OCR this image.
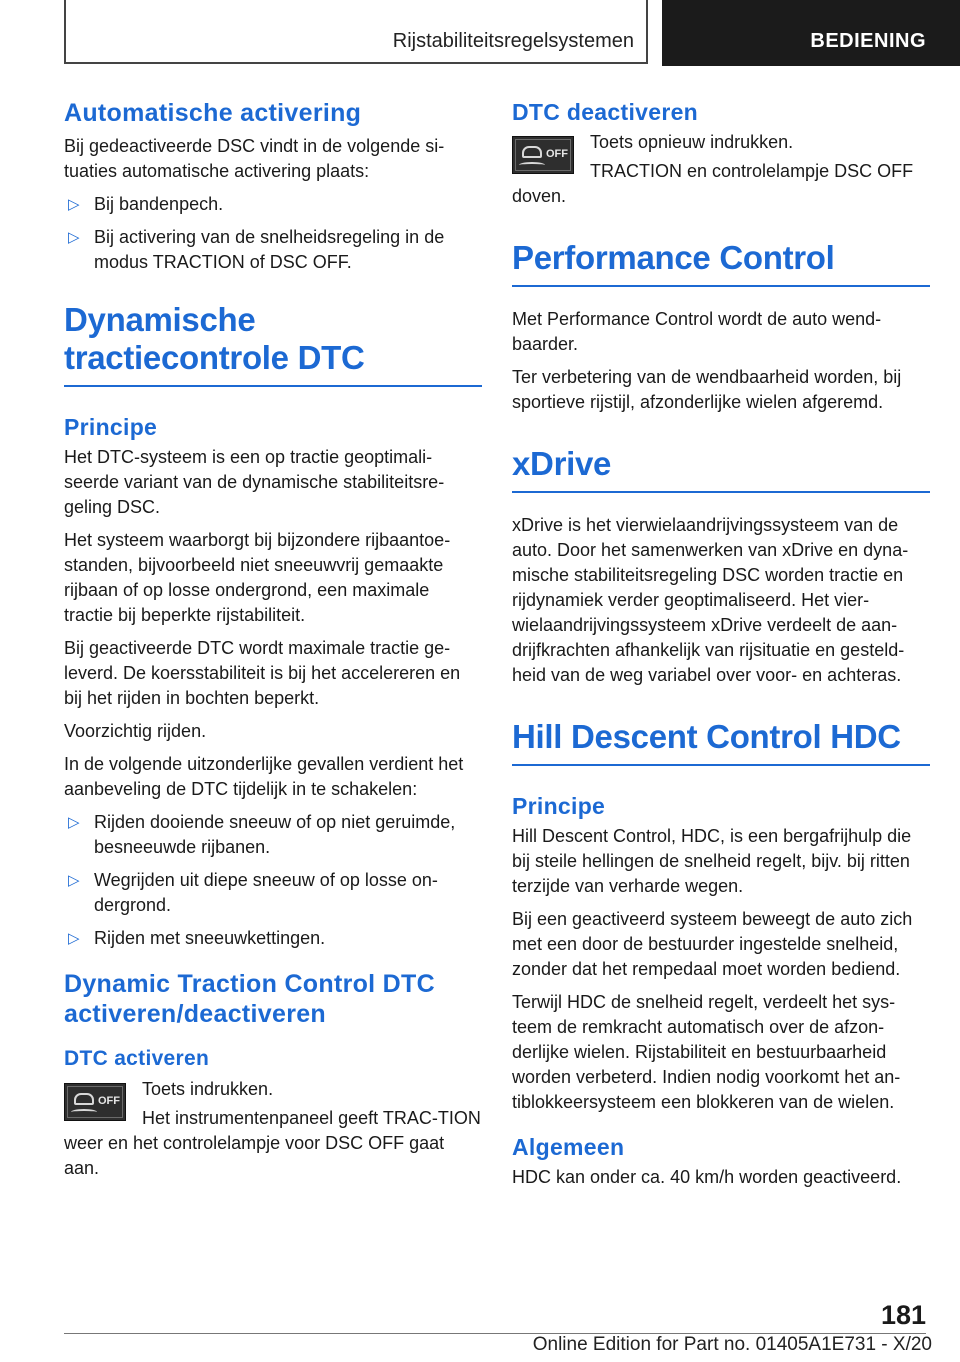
Rijstabiliteitsregelsystemen	BEDIENING
Automatische activering

Bij gedeactiveerde DSC vindt in de volgende si-tuaties automatische activering plaats:

▷ Bij bandenpech.
▷ Bij activering van de snelheidsregeling in de modus TRACTION of DSC OFF.
Dynamische tractiecontrole DTC
Principe

Het DTC-systeem is een op tractie geoptimali-seerde variant van de dynamische stabiliteitsre-geling DSC.

Het systeem waarborgt bij bijzondere rijbaantoe-standen, bijvoorbeeld niet sneeuwvrij gemaakte rijbaan of op losse ondergrond, een maximale tractie bij beperkte rijstabiliteit.

Bij geactiveerde DTC wordt maximale tractie ge-leverd. De koersstabiliteit is bij het accelereren en bij het rijden in bochten beperkt.

Voorzichtig rijden.

In de volgende uitzonderlijke gevallen verdient het aanbeveling de DTC tijdelijk in te schakelen:

▷ Rijden dooiende sneeuw of op niet geruimde, besneeuwde rijbanen.
▷ Wegrijden uit diepe sneeuw of op losse on-dergrond.
▷ Rijden met sneeuwkettingen.
Dynamic Traction Control DTC activeren/deactiveren
DTC activeren
OFF

Toets indrukken.

Het instrumentenpaneel geeft TRAC-TION weer en het controlelampje voor DSC OFF gaat aan.

DTC deactiveren
OFF

Toets opnieuw indrukken.

TRACTION en controlelampje DSC OFF doven.

Performance Control

Met Performance Control wordt de auto wend-baarder.

Ter verbetering van de wendbaarheid worden, bij sportieve rijstijl, afzonderlijke wielen afgeremd.

xDrive

xDrive is het vierwielaandrijvingssysteem van de auto. Door het samenwerken van xDrive en dyna-mische stabiliteitsregeling DSC worden tractie en rijdynamiek verder geoptimaliseerd. Het vier-wielaandrijvingssysteem xDrive verdeelt de aan-drijfkrachten afhankelijk van rijsituatie en gesteld-heid van de weg variabel over voor- en achteras.

Hill Descent Control HDC
Principe

Hill Descent Control, HDC, is een bergafrijhulp die bij steile hellingen de snelheid regelt, bijv. bij ritten terzijde van verharde wegen.

Bij een geactiveerd systeem beweegt de auto zich met een door de bestuurder ingestelde snelheid, zonder dat het rempedaal moet worden bediend.

Terwijl HDC de snelheid regelt, verdeelt het sys-teem de remkracht automatisch over de afzon-derlijke wielen. Rijstabiliteit en bestuurbaarheid worden verbeterd. Indien nodig voorkomt het an-tiblokkeersysteem een blokkeren van de wielen.

Algemeen

HDC kan onder ca. 40 km/h worden geactiveerd.

181
Online Edition for Part no. 01405A1E731 - X/20
